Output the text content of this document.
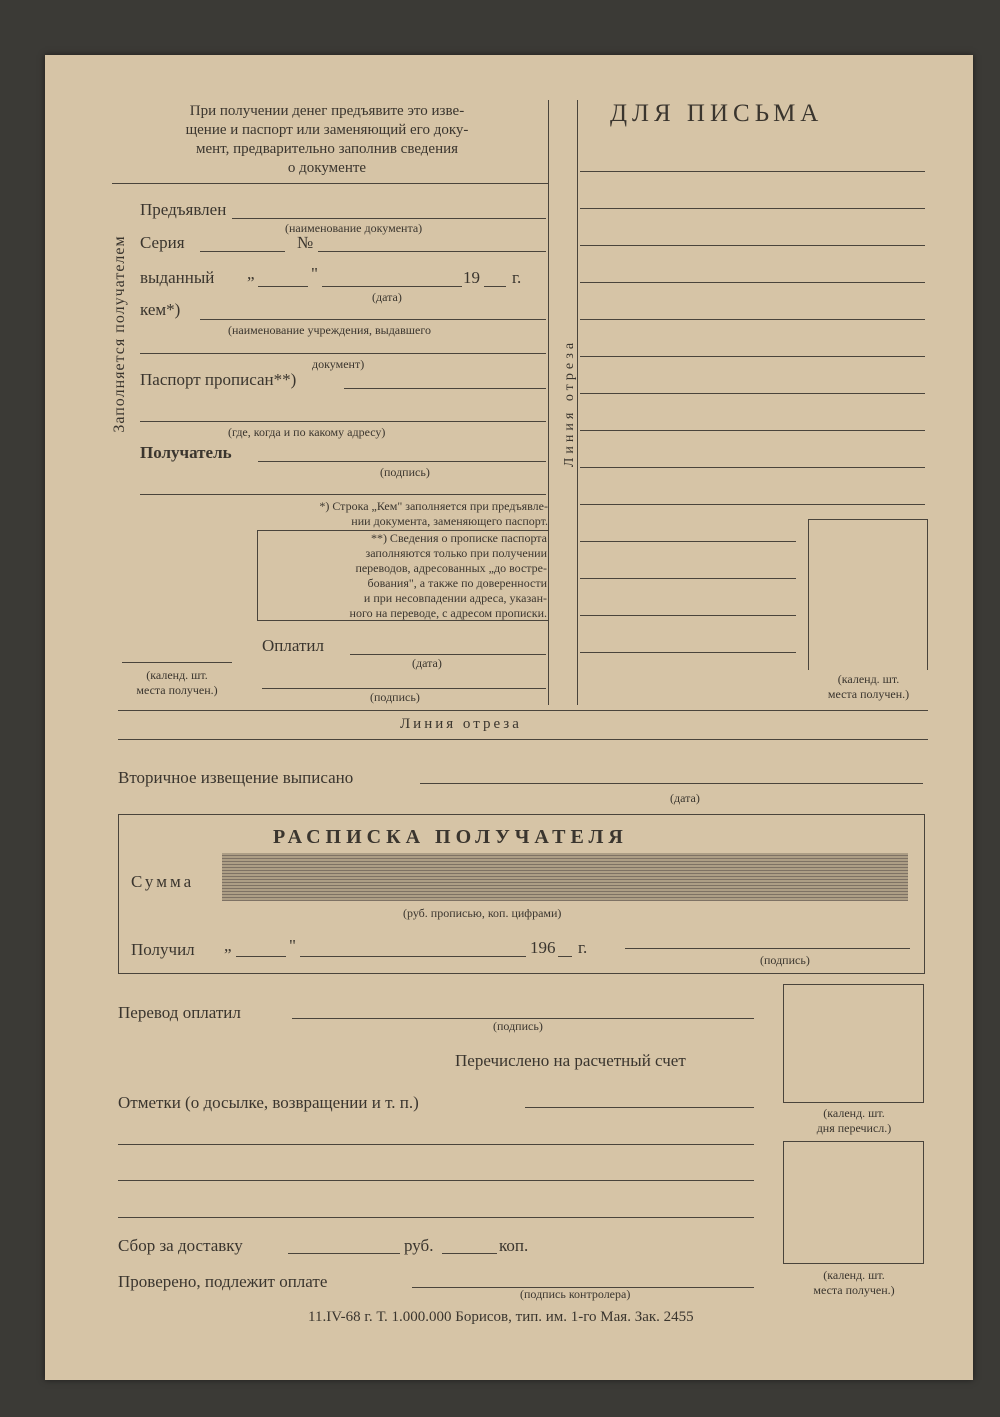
При получении денег предъявите это извe-
щение и паспорт или заменяющий его доку-
мент, предварительно заполнив сведения
о документе
Заполняется получателем	Линия отреза
Предъявлен
(наименование документа)
Серия	№
выданный „	"	19 г.
(дата)
кем*)
(наименование учреждения, выдавшего
документ)
Паспорт прописан**)
(где, когда и по какому адресу)
Получатель
(подпись)
*) Строка „Кем" заполняется при предъявле-
нии документа, заменяющего паспорт.
**) Сведения о прописке паспорта
заполняются только при получении
переводов, адресованных „до востре-
бования", а также по доверенности
и при несовпадении адреса, указан-
ного на переводе, с адресом прописки.
Оплатил
(дата)
(подпись)
(календ. шт.
места получен.)
ДЛЯ ПИСЬМА
(календ. шт.
места получен.)
Линия отреза
Вторичное извещение выписано
(дата)
РАСПИСКА ПОЛУЧАТЕЛЯ
Сумма
(руб. прописью, коп. цифрами)
Получил „	"	196 г.
(подпись)
Перевод оплатил
(подпись)
Перечислено на расчетный счет
Отметки (о досылке, возвращении и т. п.)
(календ. шт.
дня перечисл.)
(календ. шт.
места получен.)
Сбор за доставку	руб.	коп.
Проверено, подлежит оплате
(подпись контролера)
11.IV-68 г. Т. 1.000.000 Борисов, тип. им. 1-го Мая. Зак. 2455
